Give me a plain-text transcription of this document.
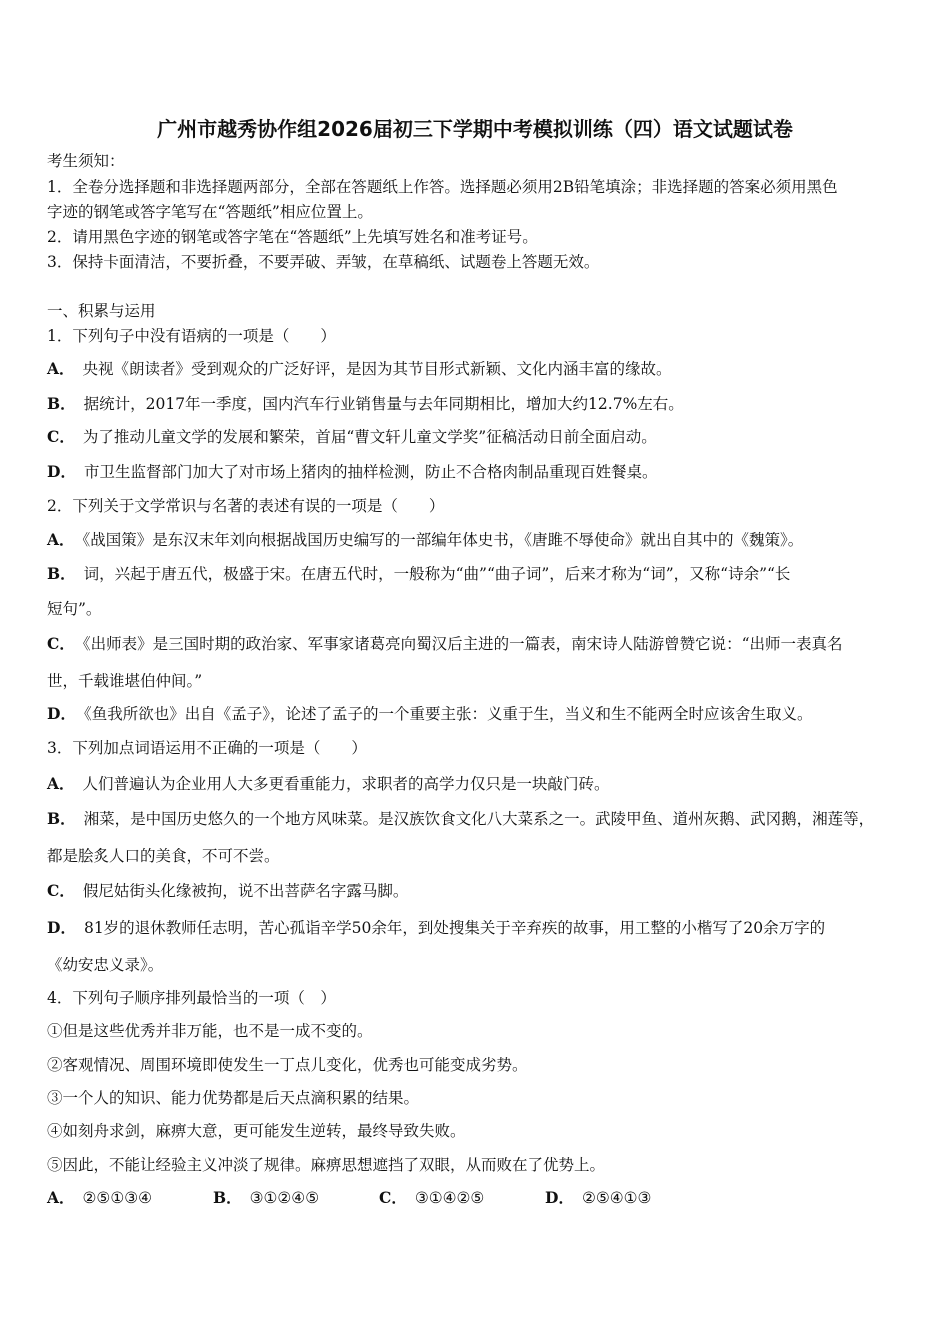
广州市越秀协作组2026届初三下学期中考模拟训练（四）语文试题试卷
考生须知：
1．全卷分选择题和非选择题两部分，全部在答题纸上作答。选择题必须用2B铅笔填涂；非选择题的答案必须用黑色
字迹的钢笔或答字笔写在“答题纸”相应位置上。
2．请用黑色字迹的钢笔或答字笔在“答题纸”上先填写姓名和准考证号。
3．保持卡面清洁，不要折叠，不要弄破、弄皱，在草稿纸、试题卷上答题无效。
一、积累与运用
1．下列句子中没有语病的一项是（　　）
A． 央视《朗读者》受到观众的广泛好评，是因为其节目形式新颖、文化内涵丰富的缘故。
B． 据统计，2017年一季度，国内汽车行业销售量与去年同期相比，增加大约12.7%左右。
C． 为了推动儿童文学的发展和繁荣，首届“曹文轩儿童文学奖”征稿活动日前全面启动。
D． 市卫生监督部门加大了对市场上猪肉的抽样检测，防止不合格肉制品重现百姓餐桌。
2．下列关于文学常识与名著的表述有误的一项是（　　）
A． 《战国策》是东汉末年刘向根据战国历史编写的一部编年体史书，《唐雎不辱使命》就出自其中的《魏策》。
B． 词，兴起于唐五代，极盛于宋。在唐五代时，一般称为“曲”“曲子词”，后来才称为“词”，又称“诗余”“长
短句”。
C． 《出师表》是三国时期的政治家、军事家诸葛亮向蜀汉后主进的一篇表，南宋诗人陆游曾赞它说：“出师一表真名
世，千载谁堪伯仲间。”
D． 《鱼我所欲也》出自《孟子》，论述了孟子的一个重要主张：义重于生，当义和生不能两全时应该舍生取义。
3．下列加点词语运用不正确的一项是（　　）
A． 人们普遍认为企业用人大多更看重能力，求职者的高学力仅只是一块敲门砖。
B． 湘菜，是中国历史悠久的一个地方风味菜。是汉族饮食文化八大菜系之一。武陵甲鱼、道州灰鹅、武冈鹅，湘莲等，
都是脍炙人口的美食，不可不尝。
C． 假尼姑街头化缘被拘，说不出菩萨名字露马脚。
D． 81岁的退休教师任志明，苦心孤诣辛学50余年，到处搜集关于辛弃疾的故事，用工整的小楷写了20余万字的
《幼安忠义录》。
4．下列句子顺序排列最恰当的一项（　）
①但是这些优秀并非万能，也不是一成不变的。
②客观情况、周围环境即使发生一丁点儿变化，优秀也可能变成劣势。
③一个人的知识、能力优势都是后天点滴积累的结果。
④如刻舟求剑，麻痹大意，更可能发生逆转，最终导致失败。
⑤因此，不能让经验主义冲淡了规律。麻痹思想遮挡了双眼，从而败在了优势上。
A． ②⑤①③④	B． ③①②④⑤	C． ③①④②⑤	D． ②⑤④①③
